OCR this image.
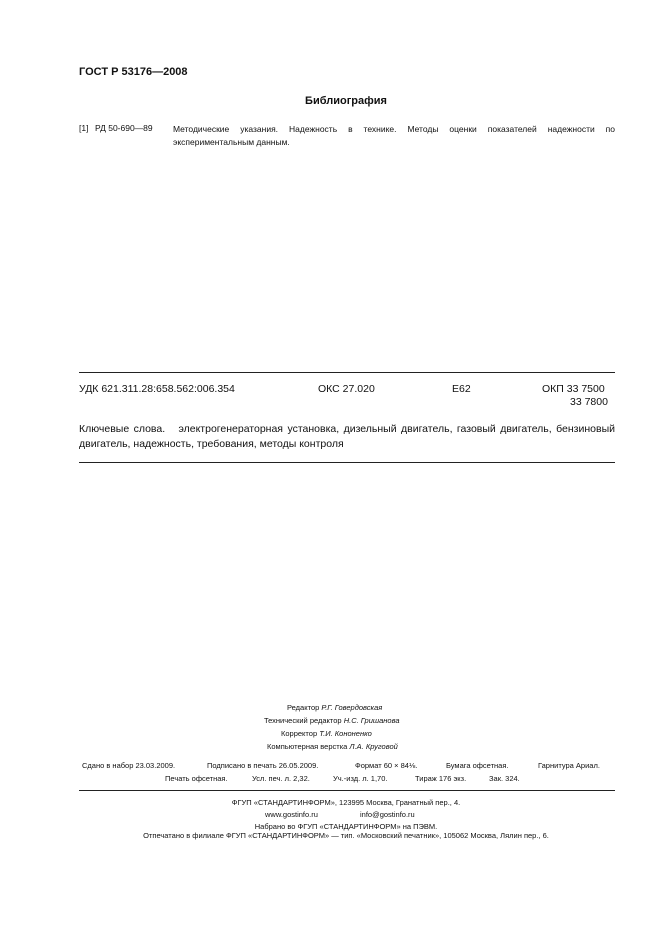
ГОСТ Р 53176—2008
Библиография
[1] РД 50-690—89 Методические указания. Надежность в технике. Методы оценки показателей надежности по экспериментальным данным.
УДК 621.311.28:658.562:006.354	ОКС 27.020	Е62	ОКП 33 7500
33 7800
Ключевые слова. электрогенераторная установка, дизельный двигатель, газовый двигатель, бензиновый двигатель, надежность, требования, методы контроля
Редактор Р.Г. Говердовская
Технический редактор Н.С. Гришанова
Корректор Т.И. Кононенко
Компьютерная верстка Л.А. Круговой
Сдано в набор 23.03.2009.	Подписано в печать 26.05.2009.	Формат 60 × 84⅛.	Бумага офсетная.	Гарнитура Ариал.
Печать офсетная.	Усл. печ. л. 2,32.	Уч.-изд. л. 1,70.	Тираж 176 экз.	Зак. 324.
ФГУП «СТАНДАРТИНФОРМ», 123995 Москва, Гранатный пер., 4.
www.gostinfo.ru	info@gostinfo.ru
Набрано во ФГУП «СТАНДАРТИНФОРМ» на ПЭВМ.
Отпечатано в филиале ФГУП «СТАНДАРТИНФОРМ» — тип. «Московский печатник», 105062 Москва, Лялин пер., 6.
